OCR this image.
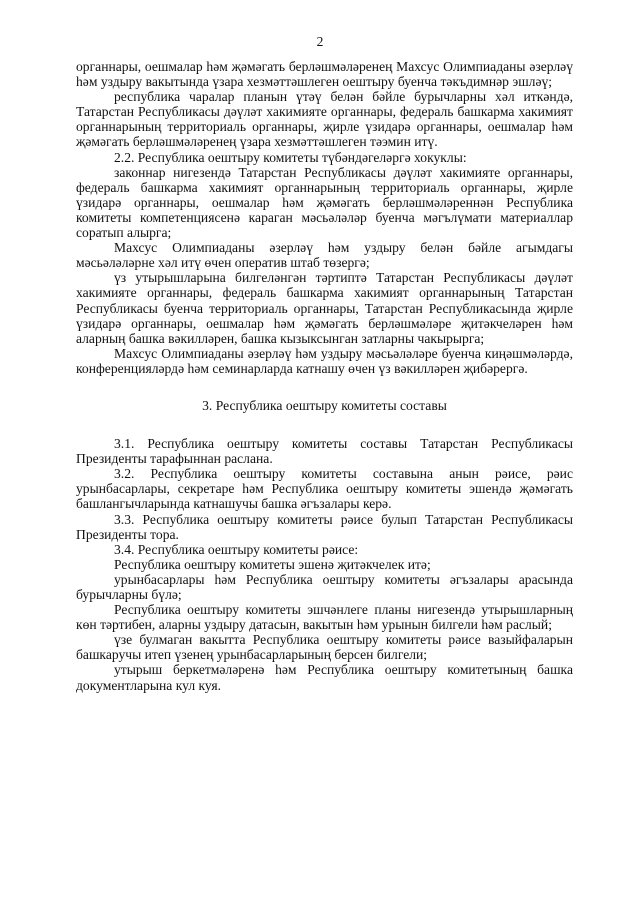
2

органнары, оешмалар һәм җәмәгать берләшмәләренең Махсус Олимпиаданы әзерләү һәм уздыру вакытында үзара хезмәттәшлеген оештыру буенча тәкъдимнәр эшләү;

республика чаралар планын үтәү белән бәйле бурычларны хәл иткәндә, Татарстан Республикасы дәүләт хакимияте органнары, федераль башкарма хакимият органнарының территориаль органнары, җирле үзидарә органнары, оешмалар һәм җәмәгать берләшмәләренең үзара хезмәттәшлеген тәэмин итү.

2.2. Республика оештыру комитеты түбәндәгеләргә хокуклы:

законнар нигезендә Татарстан Республикасы дәүләт хакимияте органнары, федераль башкарма хакимият органнарының территориаль органнары, җирле үзидарә органнары, оешмалар һәм җәмәгать берләшмәләреннән Республика комитеты компетенциясенә караган мәсьәләләр буенча мәгълүмати материаллар соратып алырга;

Махсус Олимпиаданы әзерләү һәм уздыру белән бәйле агымдагы мәсьәләләрне хәл итү өчен оператив штаб төзергә;

үз утырышларына билгеләнгән тәртиптә Татарстан Республикасы дәүләт хакимияте органнары, федераль башкарма хакимият органнарының Татарстан Республикасы буенча территориаль органнары, Татарстан Республикасында җирле үзидарә органнары, оешмалар һәм җәмәгать берләшмәләре җитәкчеләрен һәм аларның башка вәкилләрен, башка кызыксынган затларны чакырырга;

Махсус Олимпиаданы әзерләү һәм уздыру мәсьәләләре буенча киңәшмәләрдә, конференцияләрдә һәм семинарларда катнашу өчен үз вәкилләрен җибәрергә.

3. Республика оештыру комитеты составы

3.1. Республика оештыру комитеты составы Татарстан Республикасы Президенты тарафыннан раслана.

3.2. Республика оештыру комитеты составына анын рәисе, рәис урынбасарлары, секретаре һәм Республика оештыру комитеты эшендә җәмәгать башлангычларында катнашучы башка әгъзалары керә.

3.3. Республика оештыру комитеты рәисе булып Татарстан Республикасы Президенты тора.

3.4. Республика оештыру комитеты рәисе:

Республика оештыру комитеты эшенә җитәкчелек итә;

урынбасарлары һәм Республика оештыру комитеты әгъзалары арасында бурычларны бүлә;

Республика оештыру комитеты эшчәнлеге планы нигезендә утырышларның көн тәртибен, аларны уздыру датасын, вакытын һәм урынын билгели һәм раслый;

үзе булмаган вакытта Республика оештыру комитеты рәисе вазыйфаларын башкаручы итеп үзенең урынбасарларының берсен билгели;

утырыш беркетмәләренә һәм Республика оештыру комитетының башка документларына кул куя.
